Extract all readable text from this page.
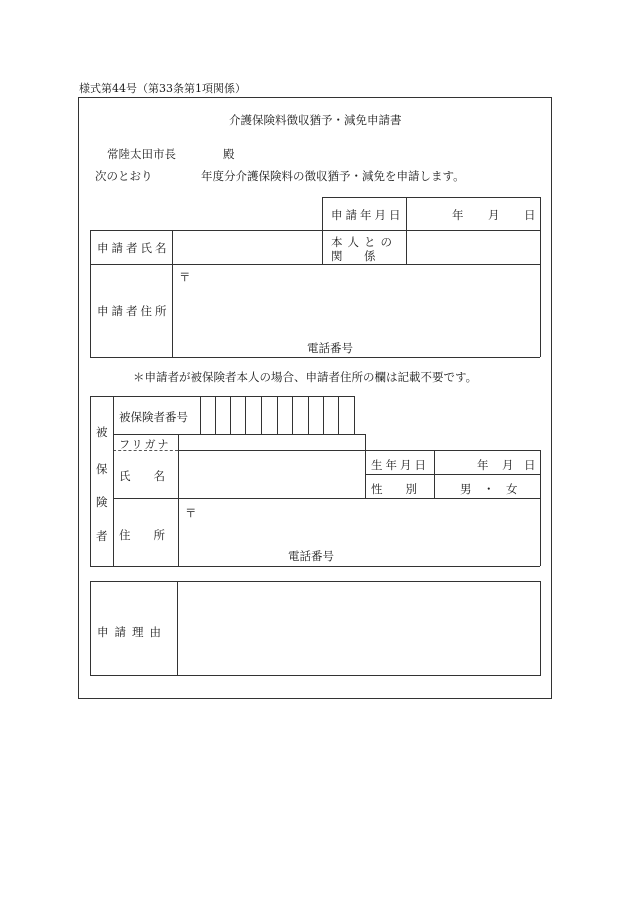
様式第44号（第33条第1項関係）
介護保険料徴収猶予・減免申請書
常陸太田市長	殿
次のとおり	年度分介護保険料の徴収猶予・減免を申請します。
申請年月日	年 月 日
申請者氏名	本人との
関　係
申請者住所
〒
電話番号
＊申請者が被保険者本人の場合、申請者住所の欄は記載不要です。
被
保
険
者
被保険者番号
フリガナ
氏　　名
生年月日	年 月 日
性　　別	男　・　女
住　　所
〒
電話番号
申請理由
